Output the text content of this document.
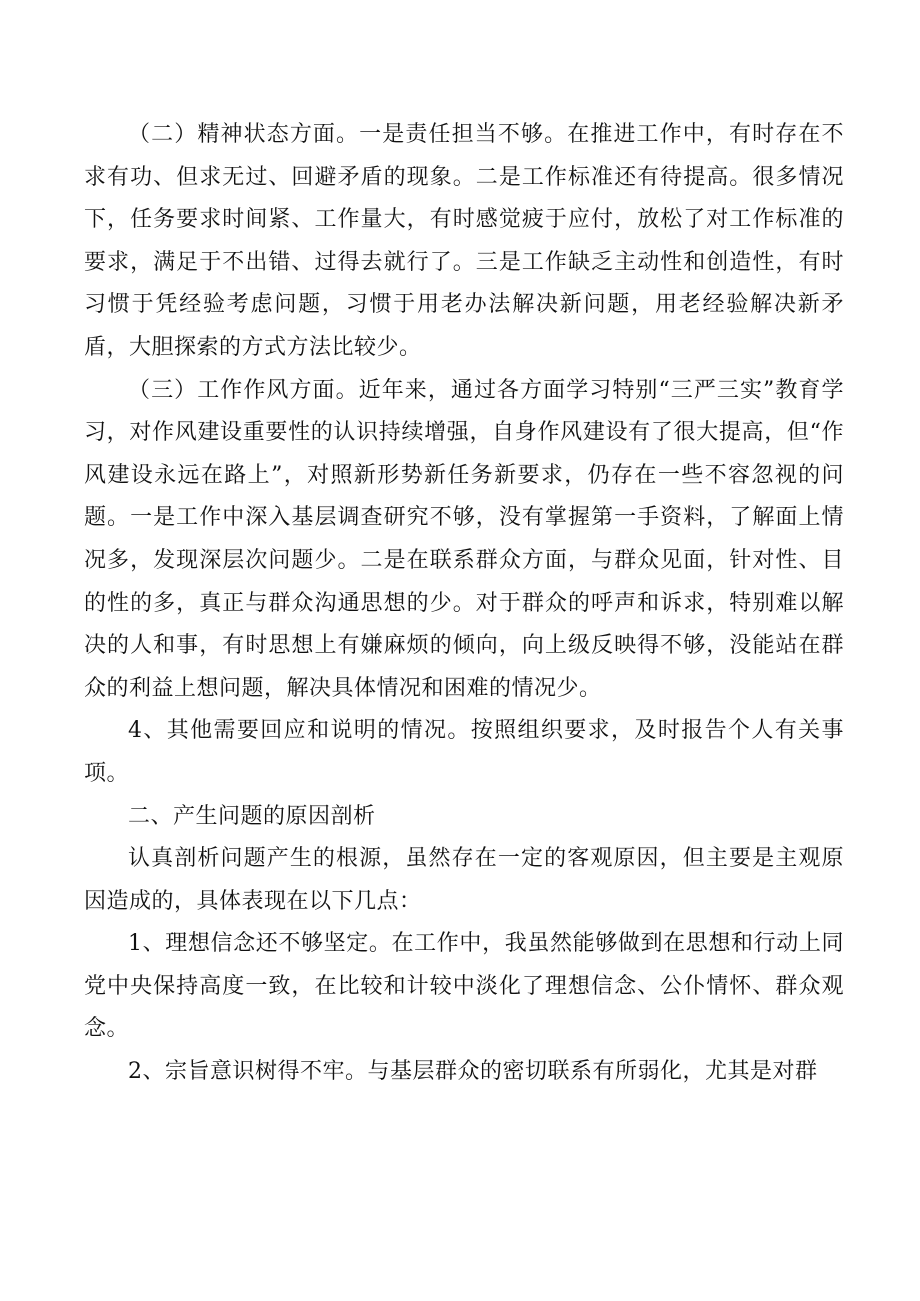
（二）精神状态方面。一是责任担当不够。在推进工作中，有时存在不求有功、但求无过、回避矛盾的现象。二是工作标准还有待提高。很多情况下，任务要求时间紧、工作量大，有时感觉疲于应付，放松了对工作标准的要求，满足于不出错、过得去就行了。三是工作缺乏主动性和创造性，有时习惯于凭经验考虑问题，习惯于用老办法解决新问题，用老经验解决新矛盾，大胆探索的方式方法比较少。

（三）工作作风方面。近年来，通过各方面学习特别“三严三实”教育学习，对作风建设重要性的认识持续增强，自身作风建设有了很大提高，但“作风建设永远在路上”，对照新形势新任务新要求，仍存在一些不容忽视的问题。一是工作中深入基层调查研究不够，没有掌握第一手资料，了解面上情况多，发现深层次问题少。二是在联系群众方面，与群众见面，针对性、目的性的多，真正与群众沟通思想的少。对于群众的呼声和诉求，特别难以解决的人和事，有时思想上有嫌麻烦的倾向，向上级反映得不够，没能站在群众的利益上想问题，解决具体情况和困难的情况少。

4、其他需要回应和说明的情况。按照组织要求，及时报告个人有关事项。

二、产生问题的原因剖析

认真剖析问题产生的根源，虽然存在一定的客观原因，但主要是主观原因造成的，具体表现在以下几点：

1、理想信念还不够坚定。在工作中，我虽然能够做到在思想和行动上同党中央保持高度一致，在比较和计较中淡化了理想信念、公仆情怀、群众观念。

2、宗旨意识树得不牢。与基层群众的密切联系有所弱化，尤其是对群
